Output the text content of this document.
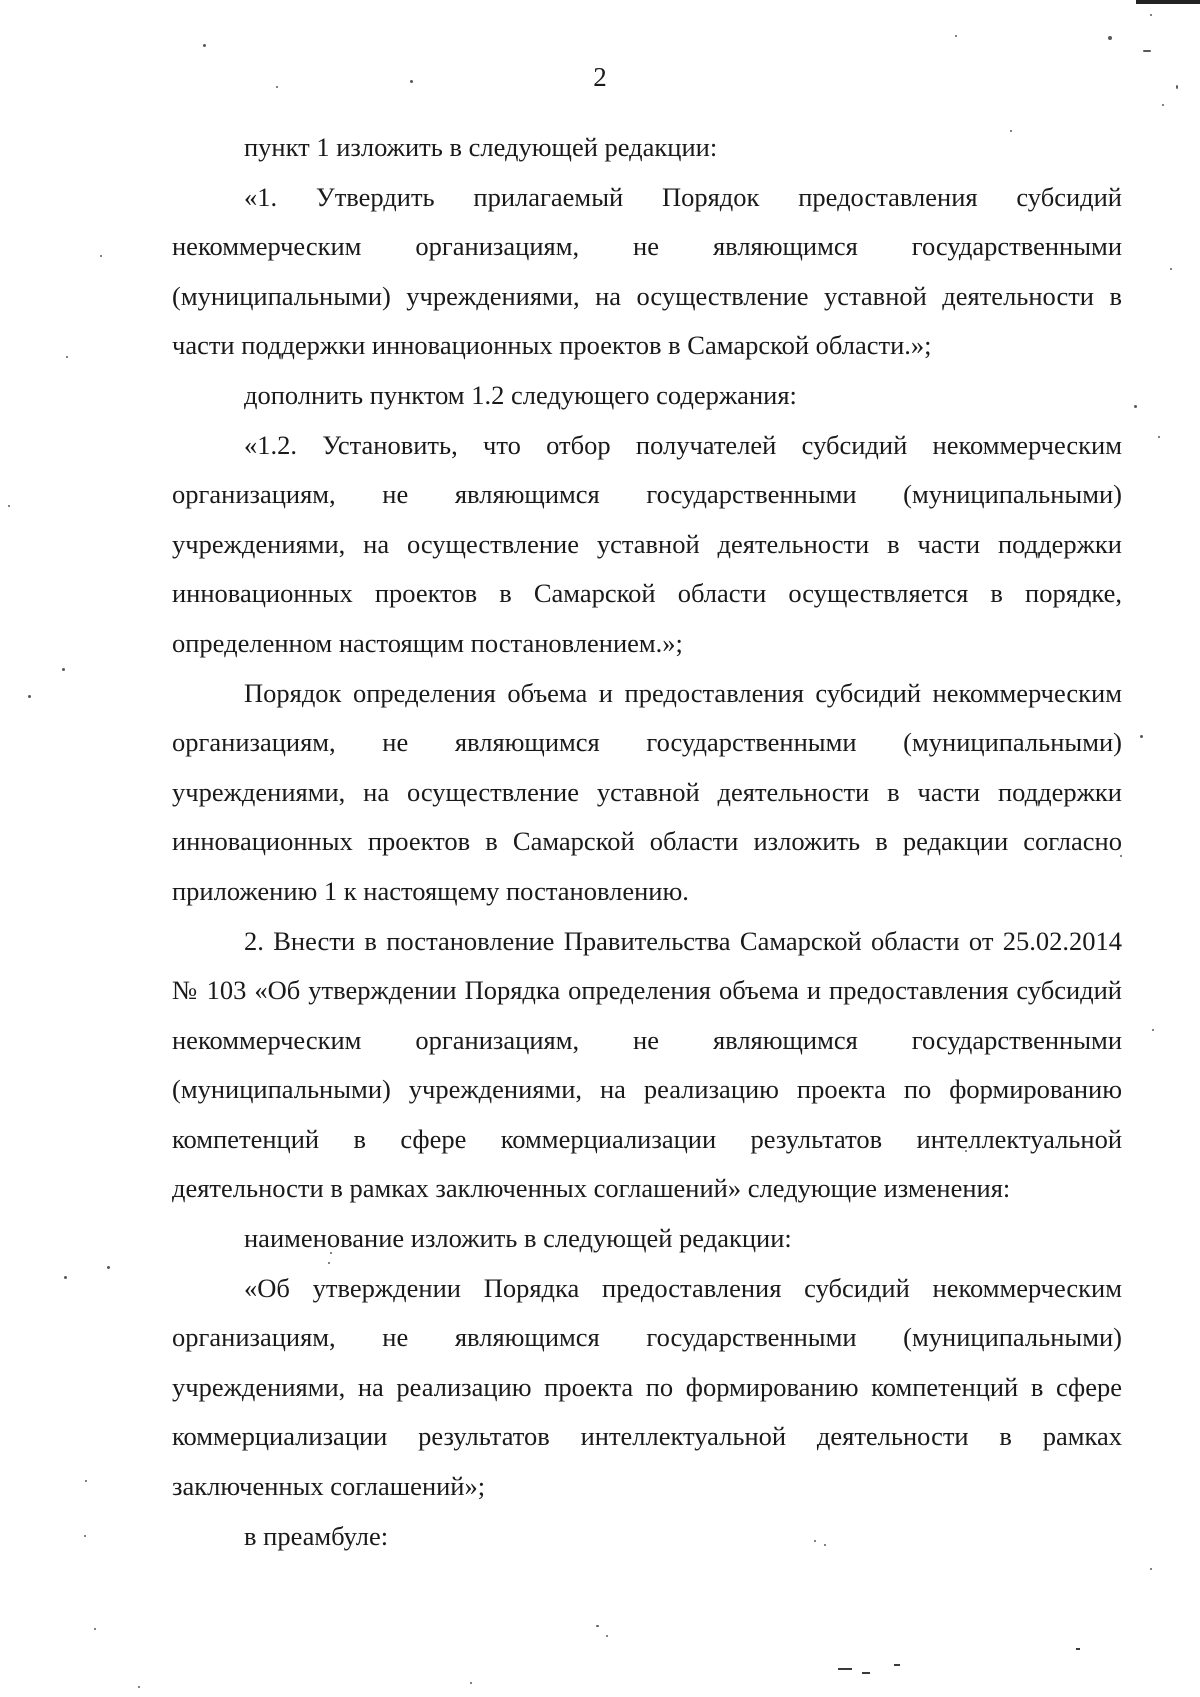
2

пункт 1 изложить в следующей редакции:

«1. Утвердить прилагаемый Порядок предоставления субсидий некоммерческим организациям, не являющимся государственными (муниципальными) учреждениями, на осуществление уставной деятельности в части поддержки инновационных проектов в Самарской области.»;

дополнить пунктом 1.2 следующего содержания:

«1.2. Установить, что отбор получателей субсидий некоммерческим организациям, не являющимся государственными (муниципальными) учреждениями, на осуществление уставной деятельности в части поддержки инновационных проектов в Самарской области осуществляется в порядке, определенном настоящим постановлением.»;

Порядок определения объема и предоставления субсидий некоммерческим организациям, не являющимся государственными (муниципальными) учреждениями, на осуществление уставной деятельности в части поддержки инновационных проектов в Самарской области изложить в редакции согласно приложению 1 к настоящему постановлению.

2. Внести в постановление Правительства Самарской области от 25.02.2014 № 103 «Об утверждении Порядка определения объема и предоставления субсидий некоммерческим организациям, не являющимся государственными (муниципальными) учреждениями, на реализацию проекта по формированию компетенций в сфере коммерциализации результатов интеллектуальной деятельности в рамках заключенных соглашений» следующие изменения:

наименование изложить в следующей редакции:

«Об утверждении Порядка предоставления субсидий некоммерческим организациям, не являющимся государственными (муниципальными) учреждениями, на реализацию проекта по формированию компетенций в сфере коммерциализации результатов интеллектуальной деятельности в рамках заключенных соглашений»;

в преамбуле:
